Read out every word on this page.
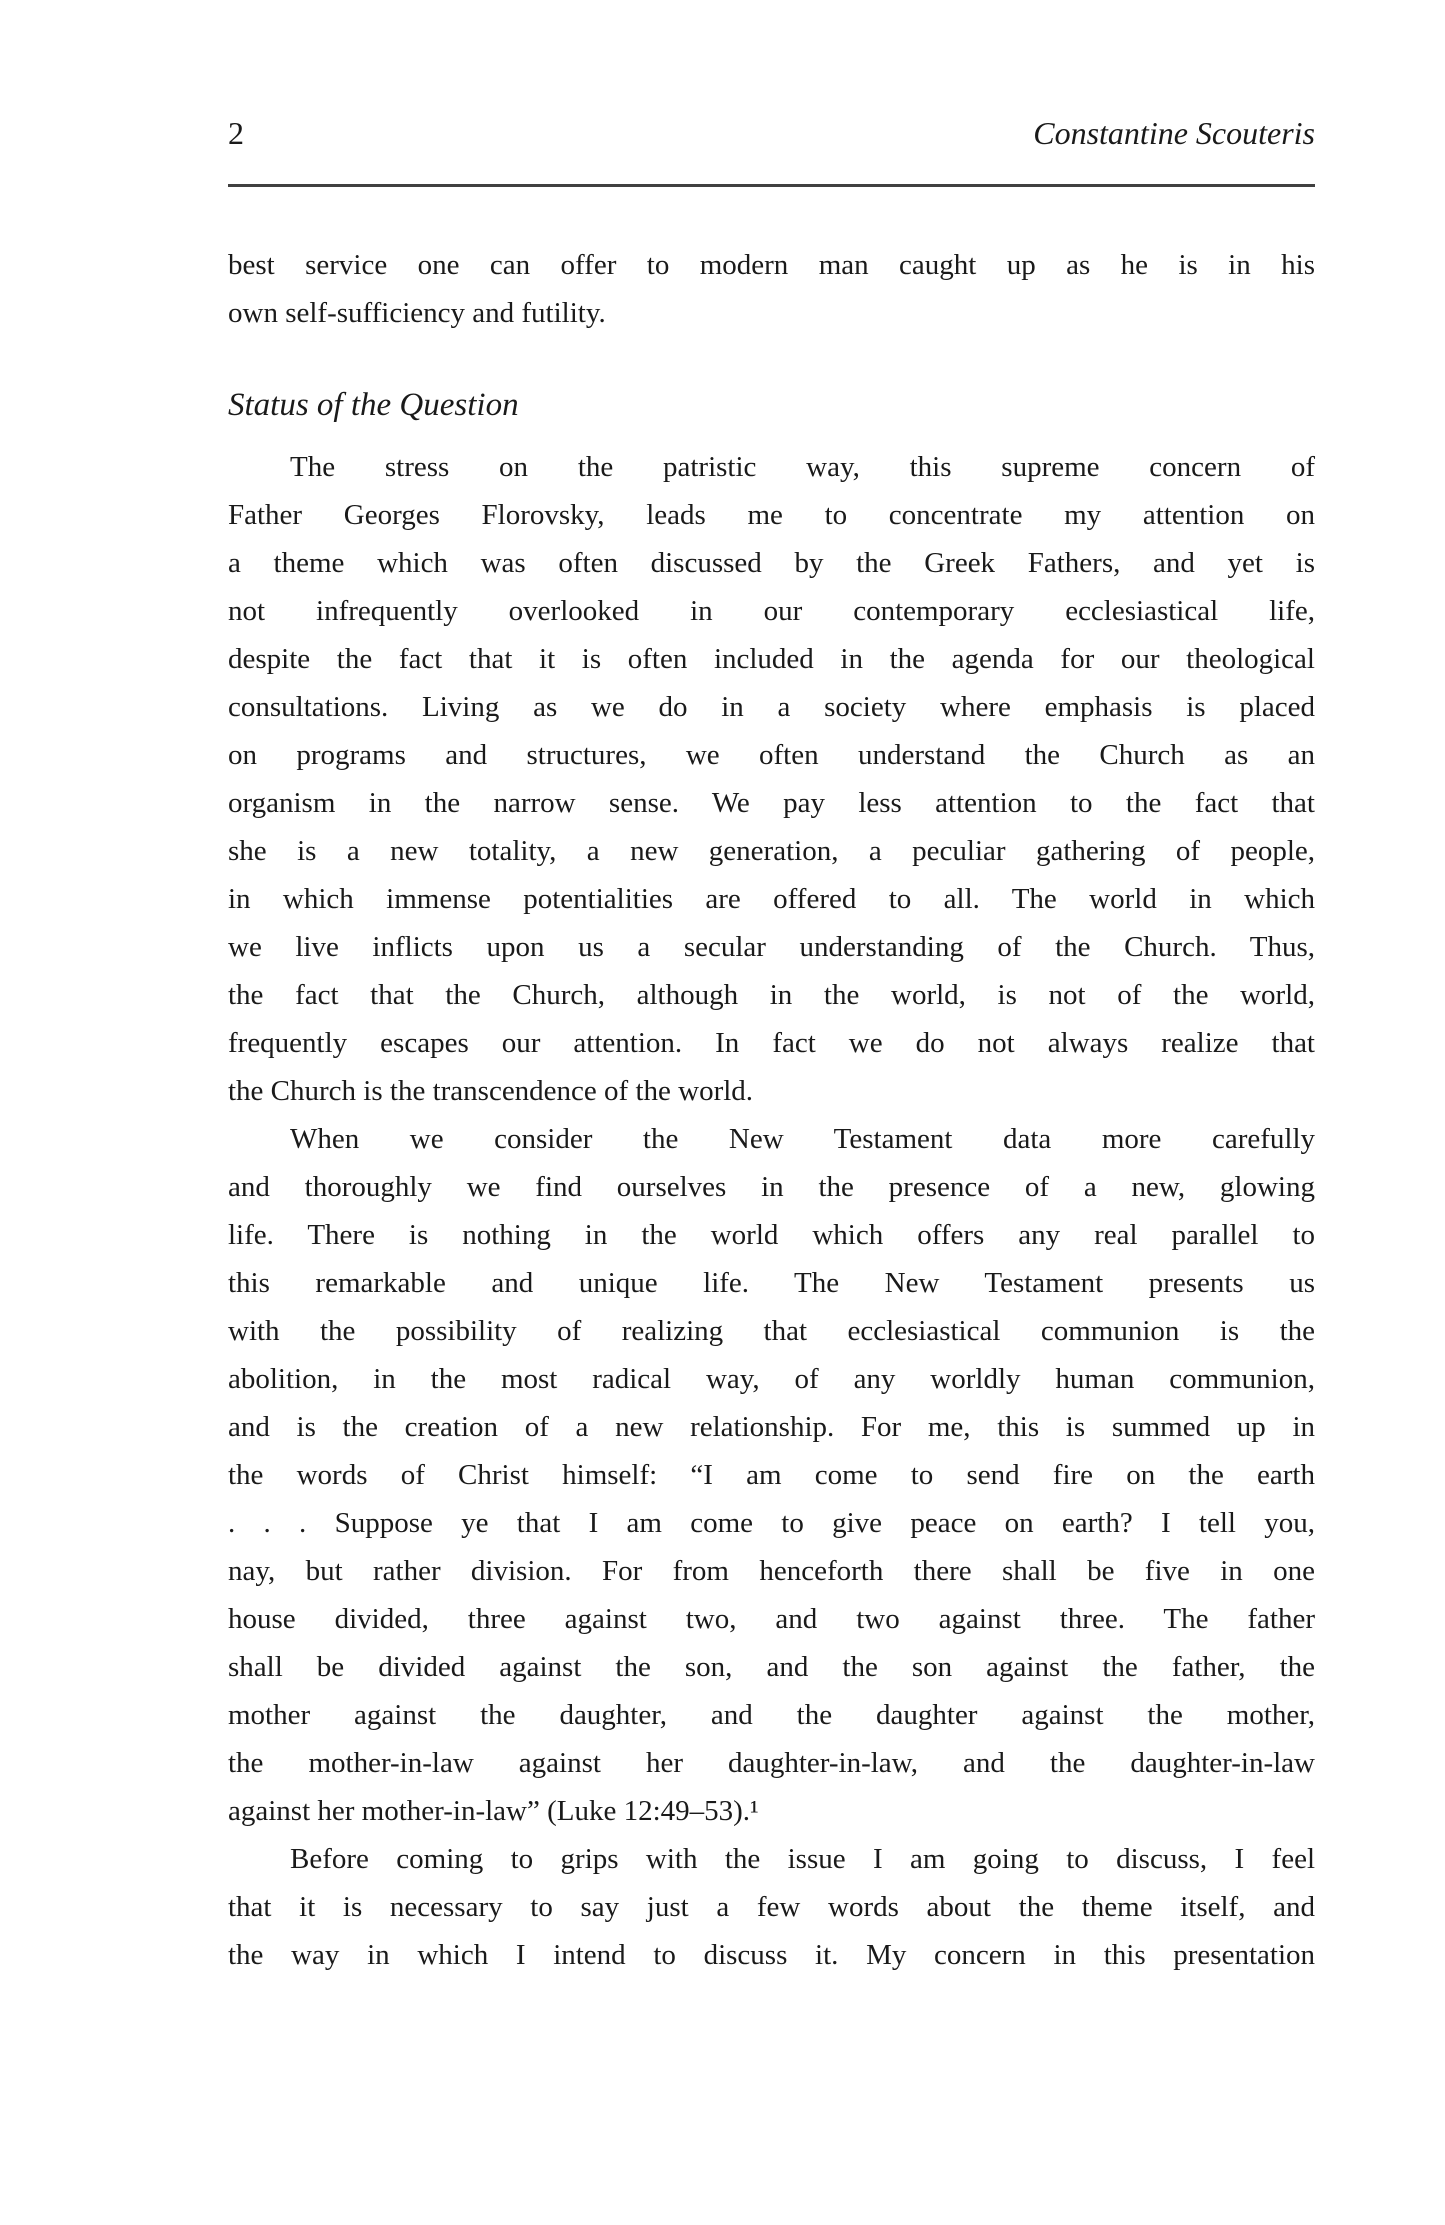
2	Constantine Scouteris
best service one can offer to modern man caught up as he is in his
own self-sufficiency and futility.
Status of the Question
The stress on the patristic way, this supreme concern of
Father Georges Florovsky, leads me to concentrate my attention on
a theme which was often discussed by the Greek Fathers, and yet is
not infrequently overlooked in our contemporary ecclesiastical life,
despite the fact that it is often included in the agenda for our theological
consultations. Living as we do in a society where emphasis is placed
on programs and structures, we often understand the Church as an
organism in the narrow sense. We pay less attention to the fact that
she is a new totality, a new generation, a peculiar gathering of people,
in which immense potentialities are offered to all. The world in which
we live inflicts upon us a secular understanding of the Church. Thus,
the fact that the Church, although in the world, is not of the world,
frequently escapes our attention. In fact we do not always realize that
the Church is the transcendence of the world.
When we consider the New Testament data more carefully
and thoroughly we find ourselves in the presence of a new, glowing
life. There is nothing in the world which offers any real parallel to
this remarkable and unique life. The New Testament presents us
with the possibility of realizing that ecclesiastical communion is the
abolition, in the most radical way, of any worldly human communion,
and is the creation of a new relationship. For me, this is summed up in
the words of Christ himself: “I am come to send fire on the earth
. . . Suppose ye that I am come to give peace on earth? I tell you,
nay, but rather division. For from henceforth there shall be five in one
house divided, three against two, and two against three. The father
shall be divided against the son, and the son against the father, the
mother against the daughter, and the daughter against the mother,
the mother-in-law against her daughter-in-law, and the daughter-in-law
against her mother-in-law” (Luke 12:49–53).¹
Before coming to grips with the issue I am going to discuss, I feel
that it is necessary to say just a few words about the theme itself, and
the way in which I intend to discuss it. My concern in this presentation
